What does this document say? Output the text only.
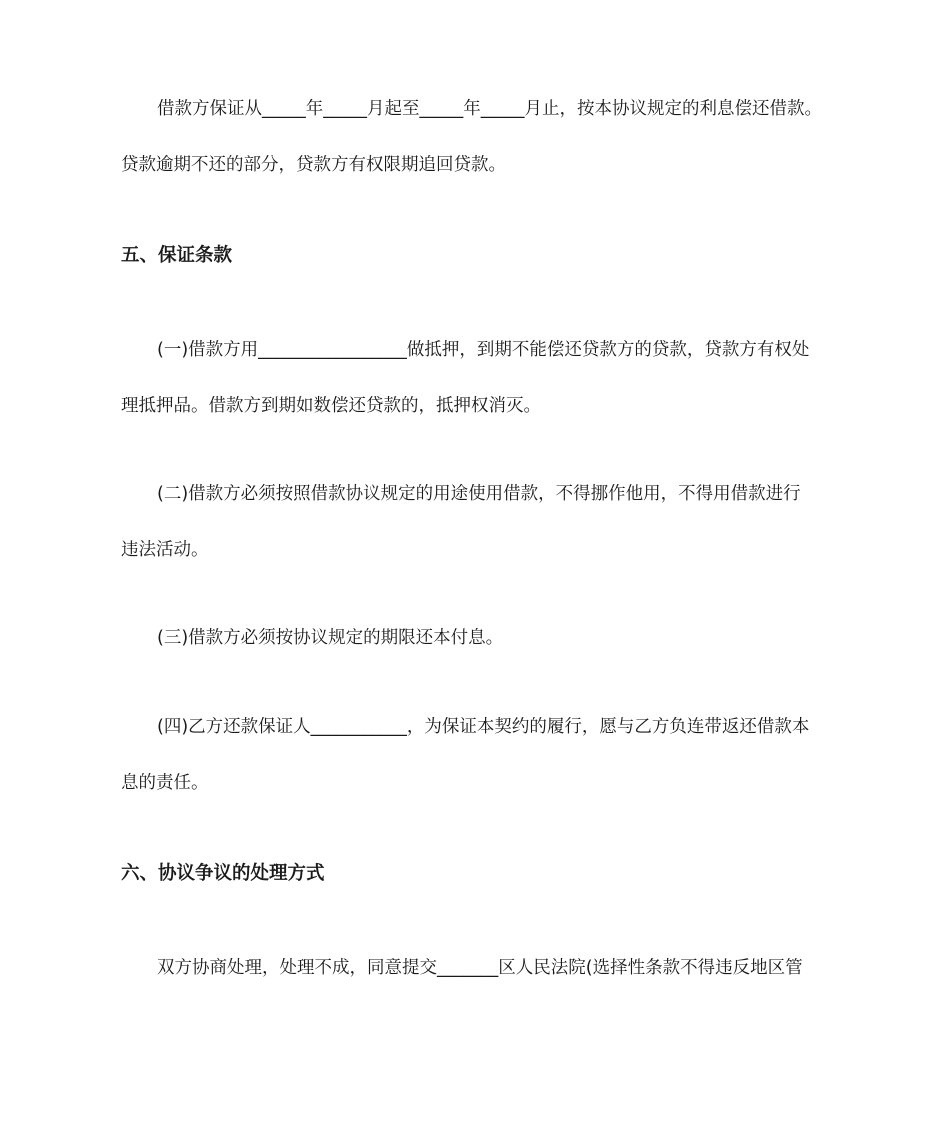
借款方保证从_____年_____月起至_____年_____月止，按本协议规定的利息偿还借款。
贷款逾期不还的部分，贷款方有权限期追回贷款。
五、保证条款
(一)借款方用_________________做抵押，到期不能偿还贷款方的贷款，贷款方有权处
理抵押品。借款方到期如数偿还贷款的，抵押权消灭。
(二)借款方必须按照借款协议规定的用途使用借款，不得挪作他用，不得用借款进行
违法活动。
(三)借款方必须按协议规定的期限还本付息。
(四)乙方还款保证人___________，为保证本契约的履行，愿与乙方负连带返还借款本
息的责任。
六、协议争议的处理方式
双方协商处理，处理不成，同意提交_______区人民法院(选择性条款不得违反地区管
